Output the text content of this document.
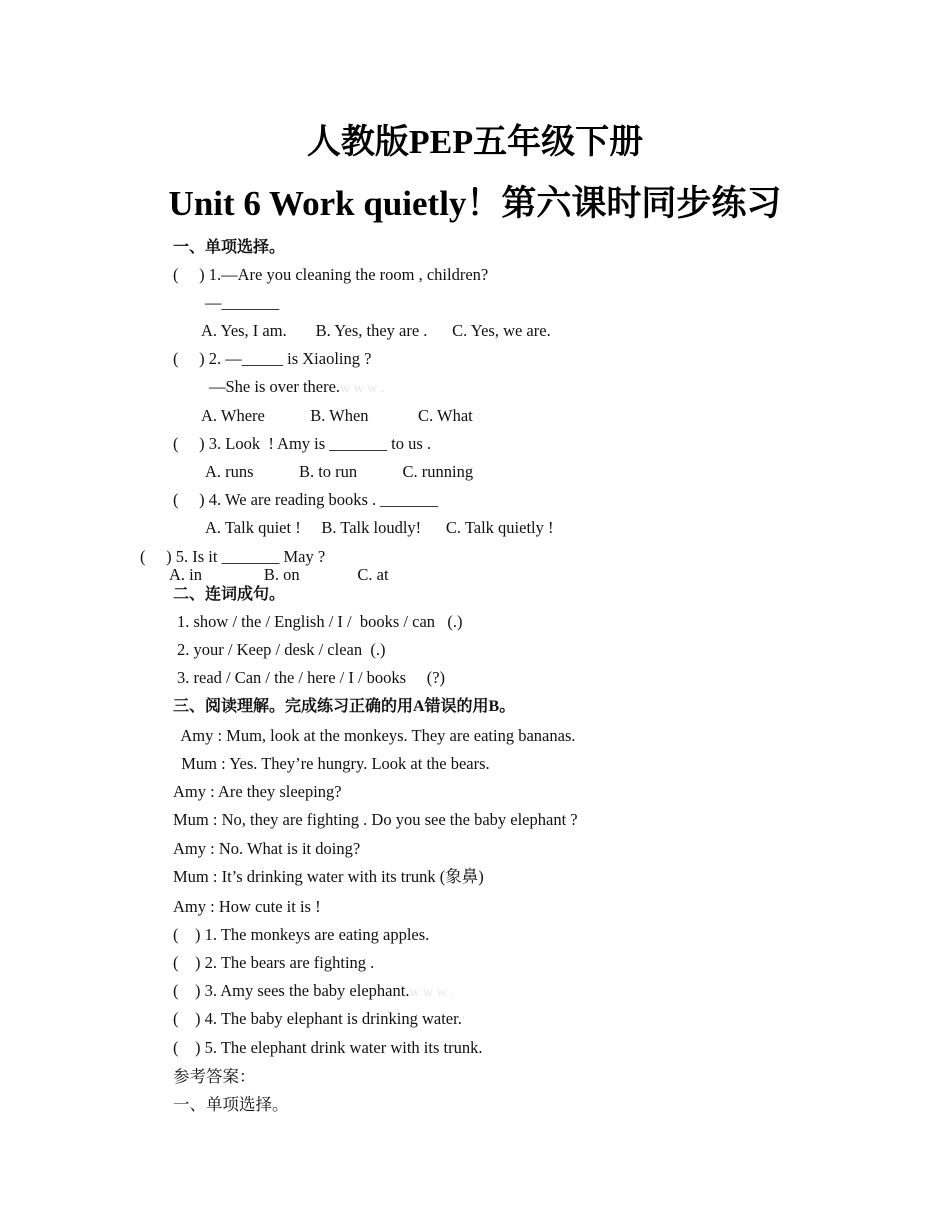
人教版PEP五年级下册
Unit 6 Work quietly！第六课时同步练习
一、单项选择。
(     ) 1.—Are you cleaning the room , children?
—_______
A. Yes, I am.       B. Yes, they are .      C. Yes, we are.
(     ) 2. —_____ is Xiaoling ?
—She is over there.w w w .
A. Where           B. When            C. What
(     ) 3. Look  ! Amy is _______ to us .
A. runs           B. to run           C. running
(     ) 4. We are reading books . _______
A. Talk quiet !     B. Talk loudly!      C. Talk quietly !
(     ) 5. Is it _______ May ?
A. in               B. on              C. at
二、连词成句。
1. show / the / English / I /  books / can   (.)
2. your / Keep / desk / clean  (.)
3. read / Can / the / here / I / books     (?)
三、阅读理解。完成练习正确的用A错误的用B。
Amy : Mum, look at the monkeys. They are eating bananas.
Mum : Yes. They’re hungry. Look at the bears.
Amy : Are they sleeping?
Mum : No, they are fighting . Do you see the baby elephant ?
Amy : No. What is it doing?
Mum : It’s drinking water with its trunk (象鼻)
Amy : How cute it is !
(    ) 1. The monkeys are eating apples.
(    ) 2. The bears are fighting .
(    ) 3. Amy sees the baby elephant.w w w .
(    ) 4. The baby elephant is drinking water.
(    ) 5. The elephant drink water with its trunk.
参考答案：
一、单项选择。
